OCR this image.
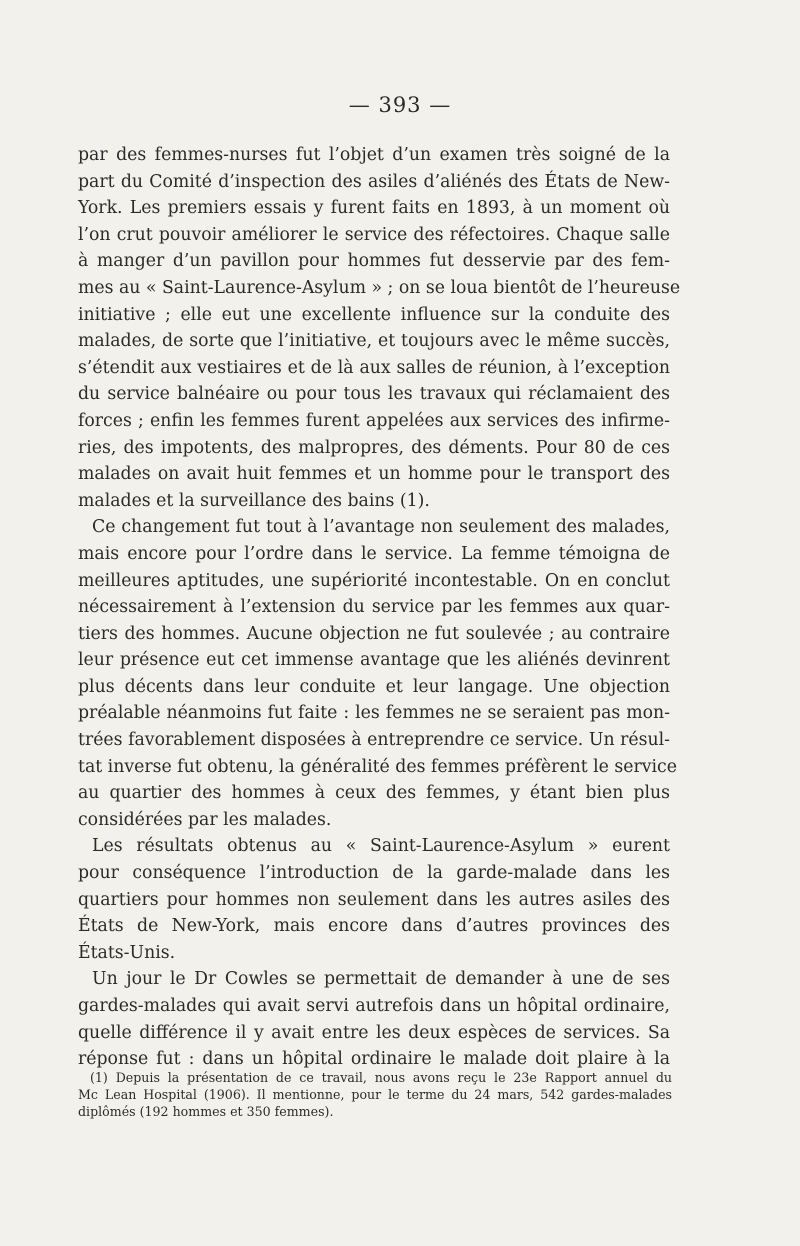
— 393 —
par des femmes-nurses fut l’objet d’un examen très soigné de la
part du Comité d’inspection des asiles d’aliénés des États de New-
York. Les premiers essais y furent faits en 1893, à un moment où
l’on crut pouvoir améliorer le service des réfectoires. Chaque salle
à manger d’un pavillon pour hommes fut desservie par des fem-
mes au « Saint-Laurence-Asylum » ; on se loua bientôt de l’heureuse
initiative ; elle eut une excellente influence sur la conduite des
malades, de sorte que l’initiative, et toujours avec le même succès,
s’étendit aux vestiaires et de là aux salles de réunion, à l’exception
du service balnéaire ou pour tous les travaux qui réclamaient des
forces ; enfin les femmes furent appelées aux services des infirme-
ries, des impotents, des malpropres, des déments. Pour 80 de ces
malades on avait huit femmes et un homme pour le transport des
malades et la surveillance des bains (1).
Ce changement fut tout à l’avantage non seulement des malades,
mais encore pour l’ordre dans le service. La femme témoigna de
meilleures aptitudes, une supériorité incontestable. On en conclut
nécessairement à l’extension du service par les femmes aux quar-
tiers des hommes. Aucune objection ne fut soulevée ; au contraire
leur présence eut cet immense avantage que les aliénés devinrent
plus décents dans leur conduite et leur langage. Une objection
préalable néanmoins fut faite : les femmes ne se seraient pas mon-
trées favorablement disposées à entreprendre ce service. Un résul-
tat inverse fut obtenu, la généralité des femmes préfèrent le service
au quartier des hommes à ceux des femmes, y étant bien plus
considérées par les malades.
Les résultats obtenus au « Saint-Laurence-Asylum » eurent
pour conséquence l’introduction de la garde-malade dans les
quartiers pour hommes non seulement dans les autres asiles des
États de New-York, mais encore dans d’autres provinces des
États-Unis.
Un jour le Dr Cowles se permettait de demander à une de ses
gardes-malades qui avait servi autrefois dans un hôpital ordinaire,
quelle différence il y avait entre les deux espèces de services. Sa
réponse fut : dans un hôpital ordinaire le malade doit plaire à la
(1) Depuis la présentation de ce travail, nous avons reçu le 23e Rapport annuel du
Mc Lean Hospital (1906). Il mentionne, pour le terme du 24 mars, 542 gardes-malades
diplômés (192 hommes et 350 femmes).
